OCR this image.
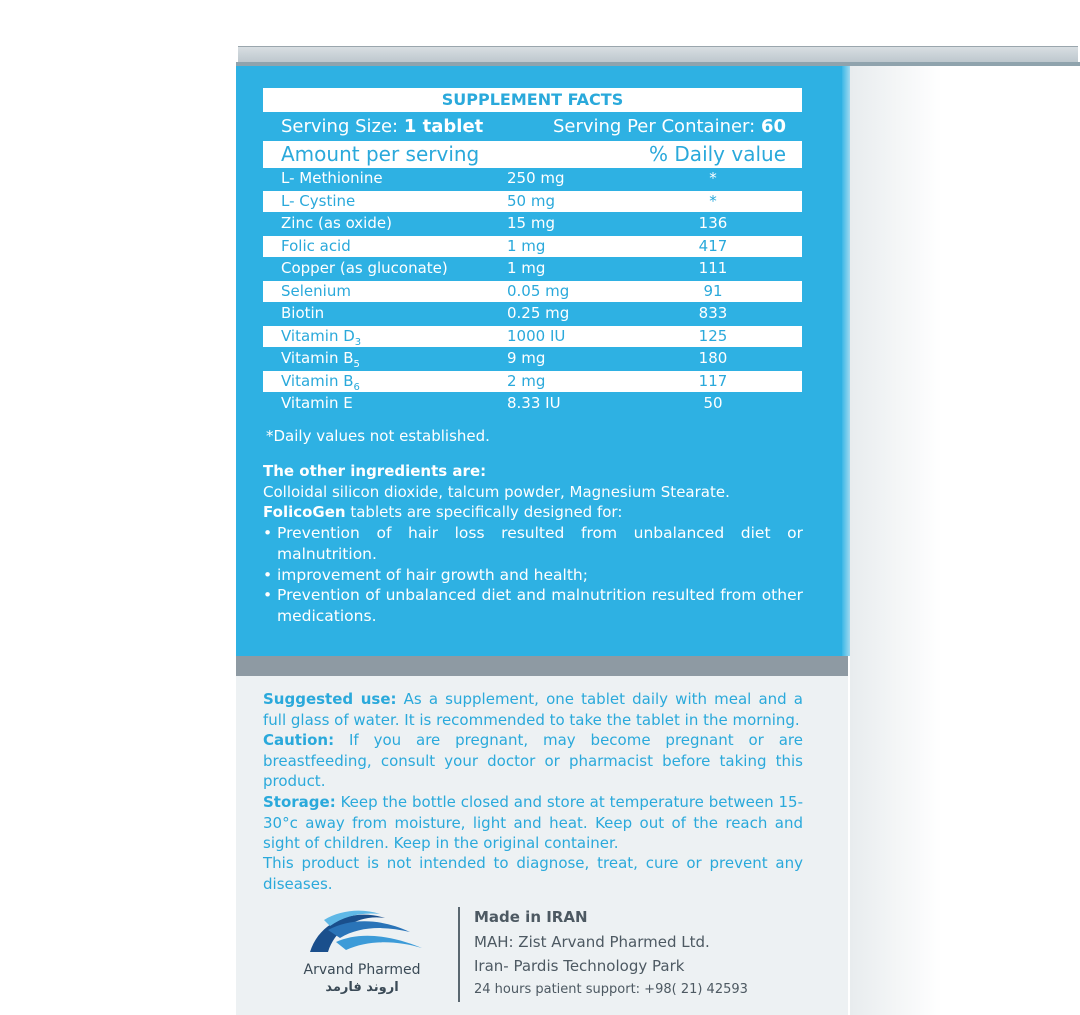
SUPPLEMENT FACTS
Serving Size: 1 tablet	Serving Per Container: 60
Amount per serving	% Daily value
L- Methionine	250 mg	*
L- Cystine	50 mg	*
Zinc (as oxide)	15 mg	136
Folic acid	1 mg	417
Copper (as gluconate)	1 mg	111
Selenium	0.05 mg	91
Biotin	0.25 mg	833
Vitamin $D_3$	1000 IU	125
Vitamin $B_5$	9 mg	180
Vitamin $B_6$	2 mg	117
Vitamin E	8.33 IU	50
*Daily values not established.
The other ingredients are:
Colloidal silicon dioxide, talcum powder, Magnesium Stearate.
FolicoGen tablets are specifically designed for:
• Prevention of hair loss resulted from unbalanced diet or malnutrition.
• improvement of hair growth and health;
• Prevention of unbalanced diet and malnutrition resulted from other medications.
Suggested use: As a supplement, one tablet daily with meal and a full glass of water. It is recommended to take the tablet in the morning.
Caution: If you are pregnant, may become pregnant or are breastfeeding, consult your doctor or pharmacist before taking this product.
Storage: Keep the bottle closed and store at temperature between 15-30°c away from moisture, light and heat. Keep out of the reach and sight of children. Keep in the original container.
This product is not intended to diagnose, treat, cure or prevent any diseases.
Arvand Pharmed
اروند فارمد
Made in IRAN
MAH: Zist Arvand Pharmed Ltd.
Iran- Pardis Technology Park
24 hours patient support: +98( 21) 42593
